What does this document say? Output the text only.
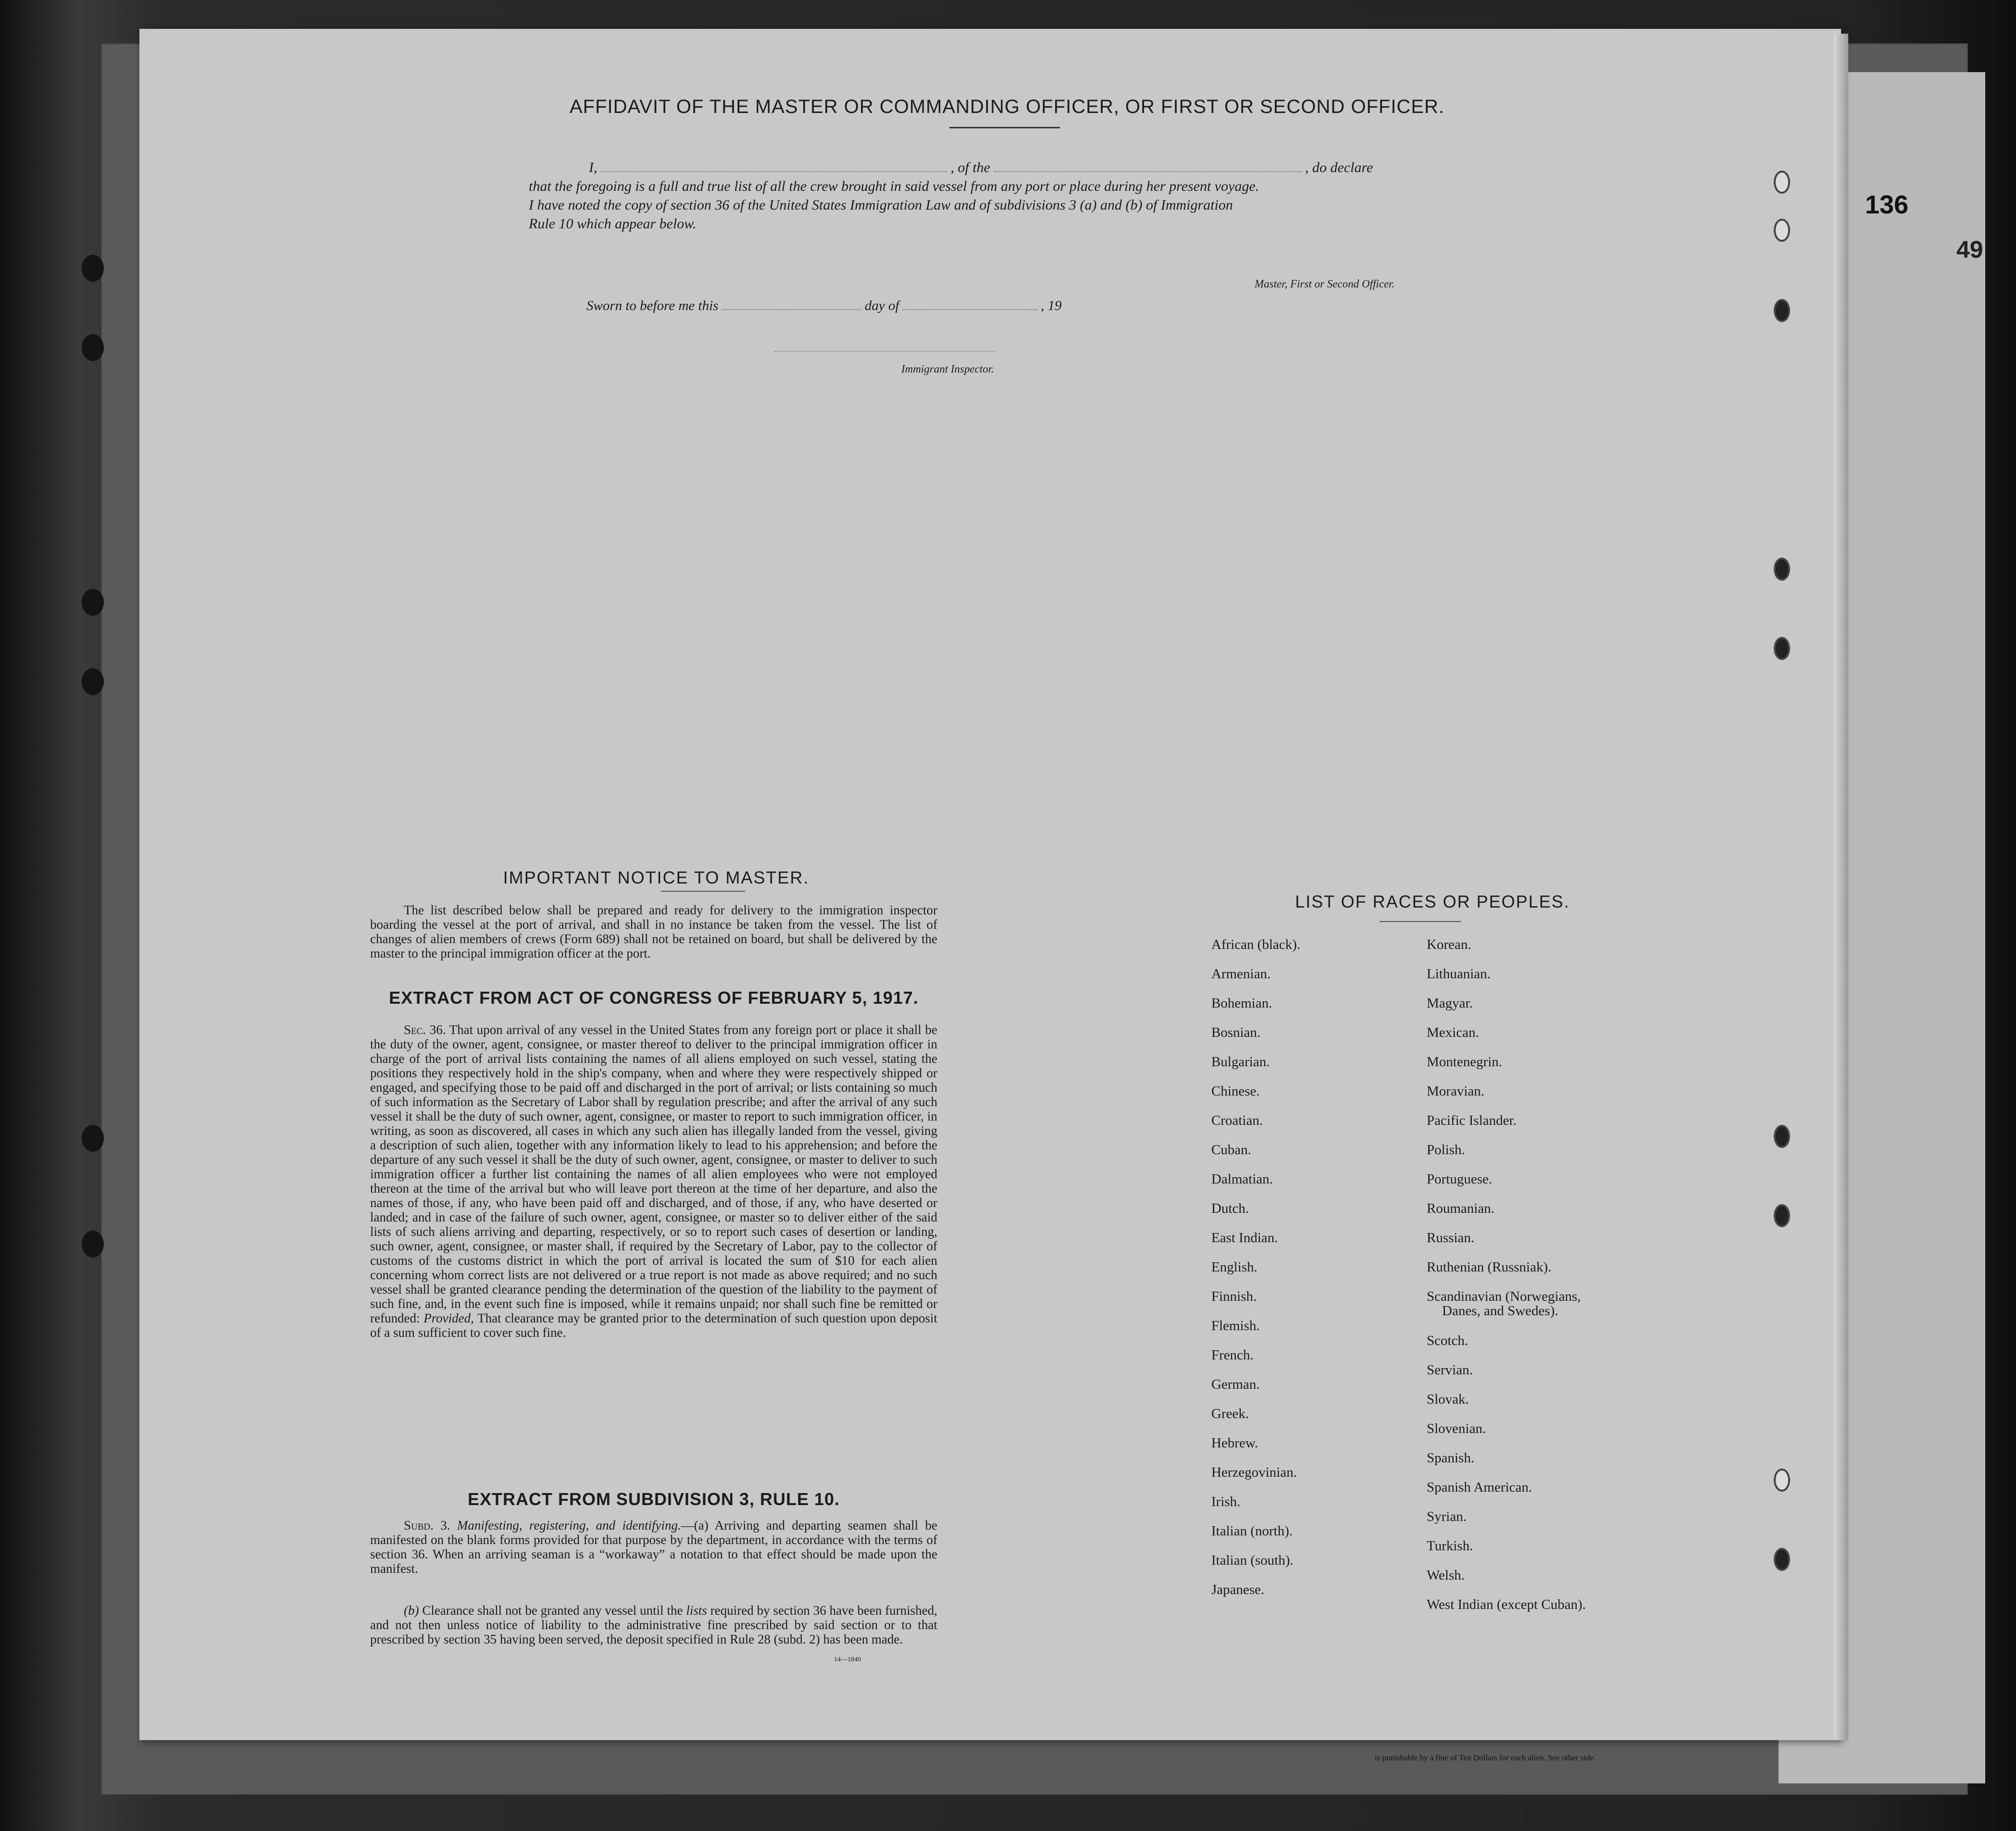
136
49
AFFIDAVIT OF THE MASTER OR COMMANDING OFFICER, OR FIRST OR SECOND OFFICER.
I,	, of the	, do declare
that the foregoing is a full and true list of all the crew brought in said vessel from any port or place during her present voyage.
I have noted the copy of section 36 of the United States Immigration Law and of subdivisions 3 (a) and (b) of Immigration
Rule 10 which appear below.
Master, First or Second Officer.
Sworn to before me this	day of	, 19
Immigrant Inspector.
IMPORTANT NOTICE TO MASTER.
The list described below shall be prepared and ready for delivery to the immigration inspector boarding the vessel at the port of arrival, and shall in no instance be taken from the vessel. The list of changes of alien members of crews (Form 689) shall not be retained on board, but shall be delivered by the master to the principal immigration officer at the port.
EXTRACT FROM ACT OF CONGRESS OF FEBRUARY 5, 1917.
Sec. 36. That upon arrival of any vessel in the United States from any foreign port or place it shall be the duty of the owner, agent, consignee, or master thereof to deliver to the principal immigration officer in charge of the port of arrival lists containing the names of all aliens employed on such vessel, stating the positions they respectively hold in the ship's company, when and where they were respectively shipped or engaged, and specifying those to be paid off and discharged in the port of arrival; or lists containing so much of such information as the Secretary of Labor shall by regulation prescribe; and after the arrival of any such vessel it shall be the duty of such owner, agent, consignee, or master to report to such immigration officer, in writing, as soon as discovered, all cases in which any such alien has illegally landed from the vessel, giving a description of such alien, together with any information likely to lead to his apprehension; and before the departure of any such vessel it shall be the duty of such owner, agent, consignee, or master to deliver to such immigration officer a further list containing the names of all alien employees who were not employed thereon at the time of the arrival but who will leave port thereon at the time of her departure, and also the names of those, if any, who have been paid off and discharged, and of those, if any, who have deserted or landed; and in case of the failure of such owner, agent, consignee, or master so to deliver either of the said lists of such aliens arriving and departing, respectively, or so to report such cases of desertion or landing, such owner, agent, consignee, or master shall, if required by the Secretary of Labor, pay to the collector of customs of the customs district in which the port of arrival is located the sum of $10 for each alien concerning whom correct lists are not delivered or a true report is not made as above required; and no such vessel shall be granted clearance pending the determination of the question of the liability to the payment of such fine, and, in the event such fine is imposed, while it remains unpaid; nor shall such fine be remitted or refunded: Provided, That clearance may be granted prior to the determination of such question upon deposit of a sum sufficient to cover such fine.
EXTRACT FROM SUBDIVISION 3, RULE 10.
Subd. 3. Manifesting, registering, and identifying.—(a) Arriving and departing seamen shall be manifested on the blank forms provided for that purpose by the department, in accordance with the terms of section 36. When an arriving seaman is a “workaway” a notation to that effect should be made upon the manifest.
(b) Clearance shall not be granted any vessel until the lists required by section 36 have been furnished, and not then unless notice of liability to the administrative fine prescribed by said section or to that prescribed by section 35 having been served, the deposit specified in Rule 28 (subd. 2) has been made.
14—1840
LIST OF RACES OR PEOPLES.
African (black).
Armenian.
Bohemian.
Bosnian.
Bulgarian.
Chinese.
Croatian.
Cuban.
Dalmatian.
Dutch.
East Indian.
English.
Finnish.
Flemish.
French.
German.
Greek.
Hebrew.
Herzegovinian.
Irish.
Italian (north).
Italian (south).
Japanese.
Korean.
Lithuanian.
Magyar.
Mexican.
Montenegrin.
Moravian.
Pacific Islander.
Polish.
Portuguese.
Roumanian.
Russian.
Ruthenian (Russniak).
Scandinavian (Norwegians,
Danes, and Swedes).
Scotch.
Servian.
Slovak.
Slovenian.
Spanish.
Spanish American.
Syrian.
Turkish.
Welsh.
West Indian (except Cuban).
is punishable by a fine of Ten Dollars for each alien. See other side.
